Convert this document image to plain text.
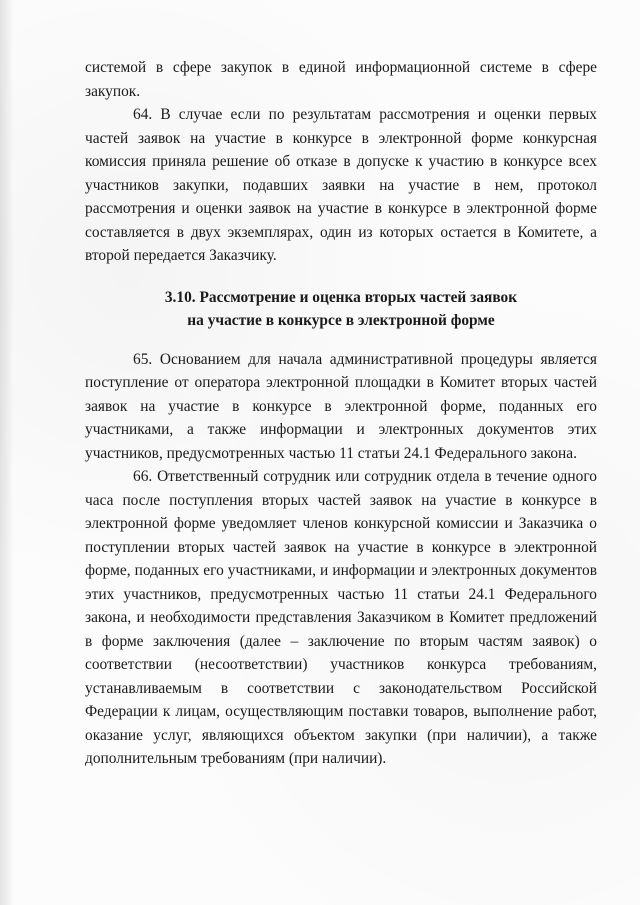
системой в сфере закупок в единой информационной системе в сфере закупок.

64. В случае если по результатам рассмотрения и оценки первых частей заявок на участие в конкурсе в электронной форме конкурсная комиссия приняла решение об отказе в допуске к участию в конкурсе всех участников закупки, подавших заявки на участие в нем, протокол рассмотрения и оценки заявок на участие в конкурсе в электронной форме составляется в двух экземплярах, один из которых остается в Комитете, а второй передается Заказчику.

3.10. Рассмотрение и оценка вторых частей заявок
на участие в конкурсе в электронной форме

65. Основанием для начала административной процедуры является поступление от оператора электронной площадки в Комитет вторых частей заявок на участие в конкурсе в электронной форме, поданных его участниками, а также информации и электронных документов этих участников, предусмотренных частью 11 статьи 24.1 Федерального закона.

66. Ответственный сотрудник или сотрудник отдела в течение одного часа после поступления вторых частей заявок на участие в конкурсе в электронной форме уведомляет членов конкурсной комиссии и Заказчика о поступлении вторых частей заявок на участие в конкурсе в электронной форме, поданных его участниками, и информации и электронных документов этих участников, предусмотренных частью 11 статьи 24.1 Федерального закона, и необходимости представления Заказчиком в Комитет предложений в форме заключения (далее – заключение по вторым частям заявок) о соответствии (несоответствии) участников конкурса требованиям, устанавливаемым в соответствии с законодательством Российской Федерации к лицам, осуществляющим поставки товаров, выполнение работ, оказание услуг, являющихся объектом закупки (при наличии), а также дополнительным требованиям (при наличии).
